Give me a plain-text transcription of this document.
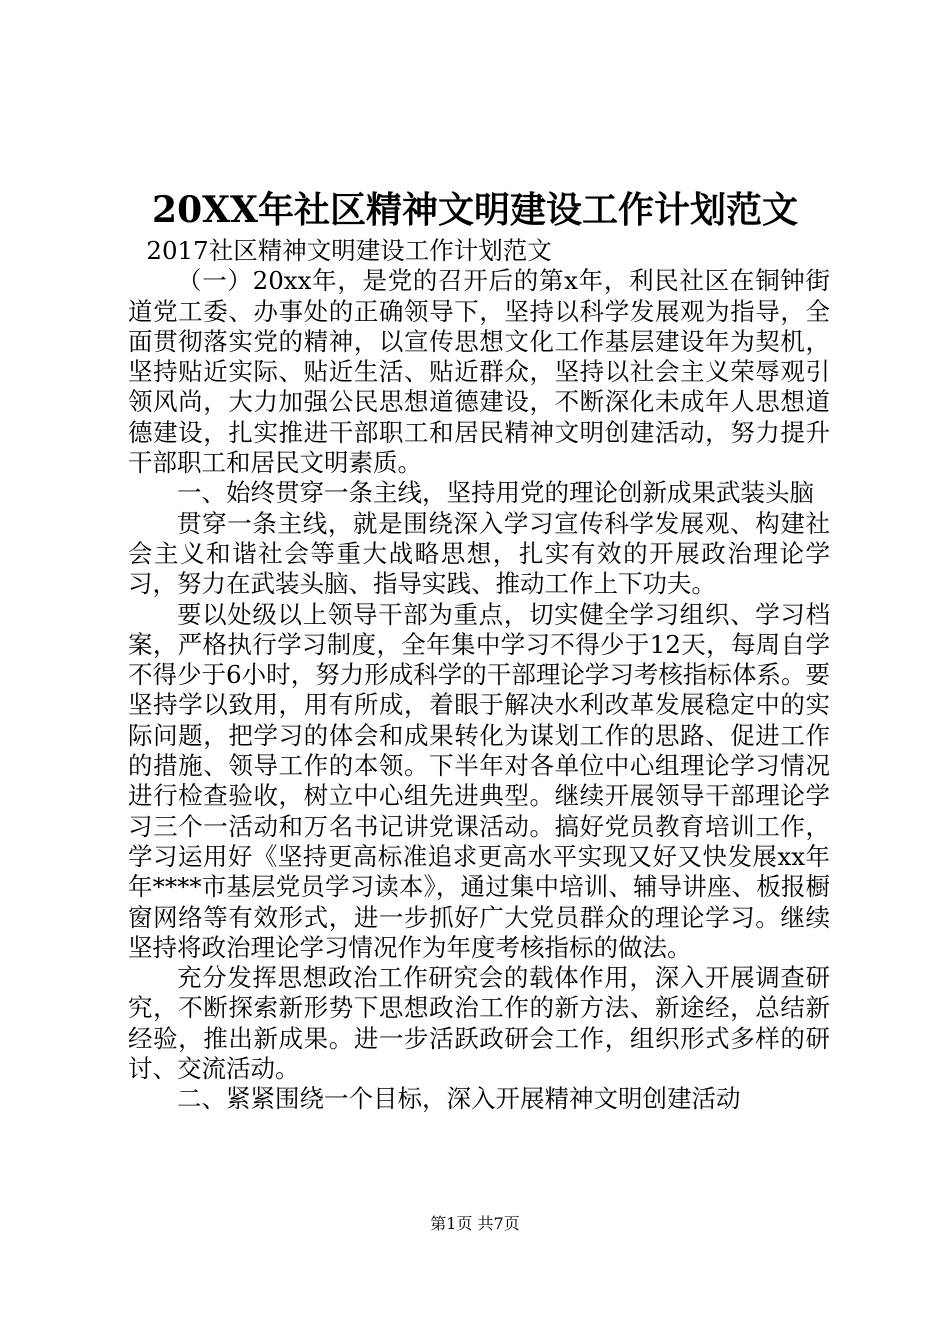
20XX年社区精神文明建设工作计划范文

2017社区精神文明建设工作计划范文

（一）20xx年，是党的召开后的第x年，利民社区在铜钟街道党工委、办事处的正确领导下，坚持以科学发展观为指导，全面贯彻落实党的精神，以宣传思想文化工作基层建设年为契机，坚持贴近实际、贴近生活、贴近群众，坚持以社会主义荣辱观引领风尚，大力加强公民思想道德建设，不断深化未成年人思想道德建设，扎实推进干部职工和居民精神文明创建活动，努力提升干部职工和居民文明素质。

一、始终贯穿一条主线，坚持用党的理论创新成果武装头脑

贯穿一条主线，就是围绕深入学习宣传科学发展观、构建社会主义和谐社会等重大战略思想，扎实有效的开展政治理论学习，努力在武装头脑、指导实践、推动工作上下功夫。

要以处级以上领导干部为重点，切实健全学习组织、学习档案，严格执行学习制度，全年集中学习不得少于12天，每周自学不得少于6小时，努力形成科学的干部理论学习考核指标体系。要坚持学以致用，用有所成，着眼于解决水利改革发展稳定中的实际问题，把学习的体会和成果转化为谋划工作的思路、促进工作的措施、领导工作的本领。下半年对各单位中心组理论学习情况进行检查验收，树立中心组先进典型。继续开展领导干部理论学习三个一活动和万名书记讲党课活动。搞好党员教育培训工作，学习运用好《坚持更高标准追求更高水平实现又好又快发展xx年年****市基层党员学习读本》，通过集中培训、辅导讲座、板报橱窗网络等有效形式，进一步抓好广大党员群众的理论学习。继续坚持将政治理论学习情况作为年度考核指标的做法。

充分发挥思想政治工作研究会的载体作用，深入开展调查研究，不断探索新形势下思想政治工作的新方法、新途经，总结新经验，推出新成果。进一步活跃政研会工作，组织形式多样的研讨、交流活动。

二、紧紧围绕一个目标，深入开展精神文明创建活动

第1页 共7页
